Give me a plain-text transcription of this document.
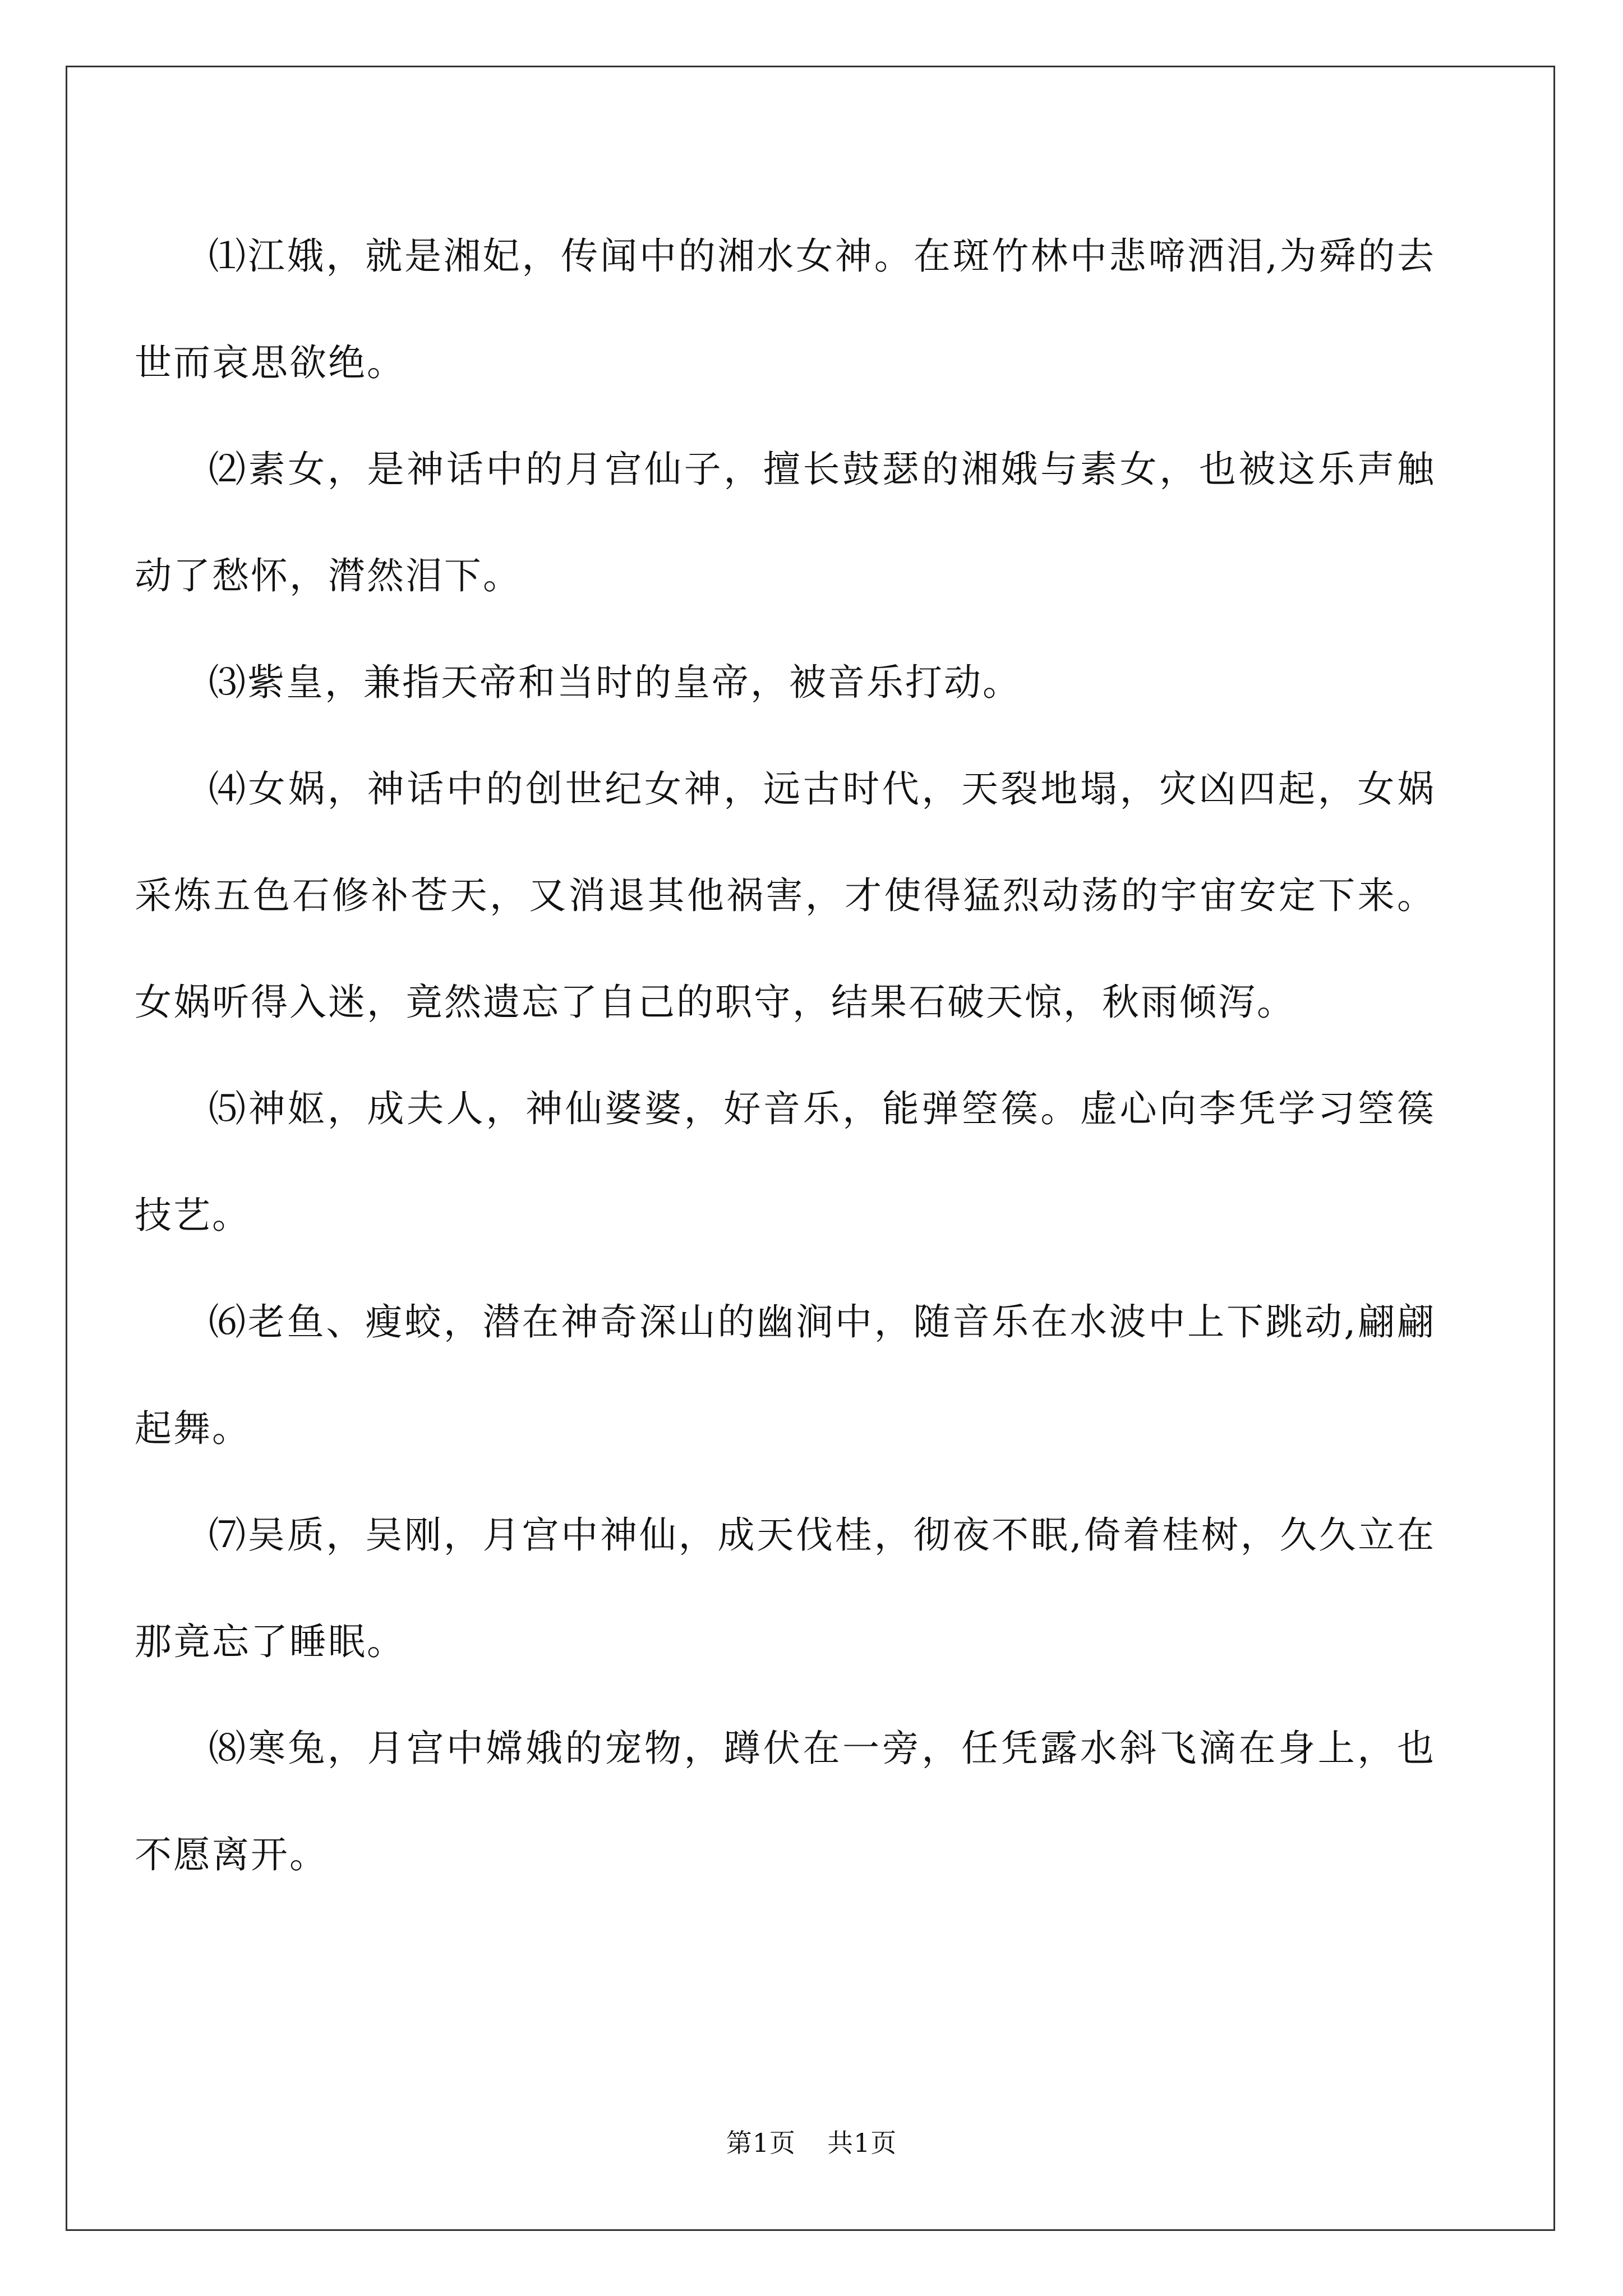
⑴江娥，就是湘妃，传闻中的湘水女神。在斑竹林中悲啼洒泪,为舜的去世而哀思欲绝。

⑵素女，是神话中的月宫仙子，擅长鼓瑟的湘娥与素女，也被这乐声触动了愁怀，潸然泪下。

⑶紫皇，兼指天帝和当时的皇帝，被音乐打动。

⑷女娲，神话中的创世纪女神，远古时代，天裂地塌，灾凶四起，女娲采炼五色石修补苍天，又消退其他祸害，才使得猛烈动荡的宇宙安定下来。女娲听得入迷，竟然遗忘了自己的职守，结果石破天惊，秋雨倾泻。

⑸神妪，成夫人，神仙婆婆，好音乐，能弹箜篌。虚心向李凭学习箜篌技艺。

⑹老鱼、瘦蛟，潜在神奇深山的幽涧中，随音乐在水波中上下跳动,翩翩起舞。

⑺吴质，吴刚，月宫中神仙，成天伐桂，彻夜不眠,倚着桂树，久久立在那竟忘了睡眠。

⑻寒兔，月宫中嫦娥的宠物，蹲伏在一旁，任凭露水斜飞滴在身上，也不愿离开。

第1页 共1页
